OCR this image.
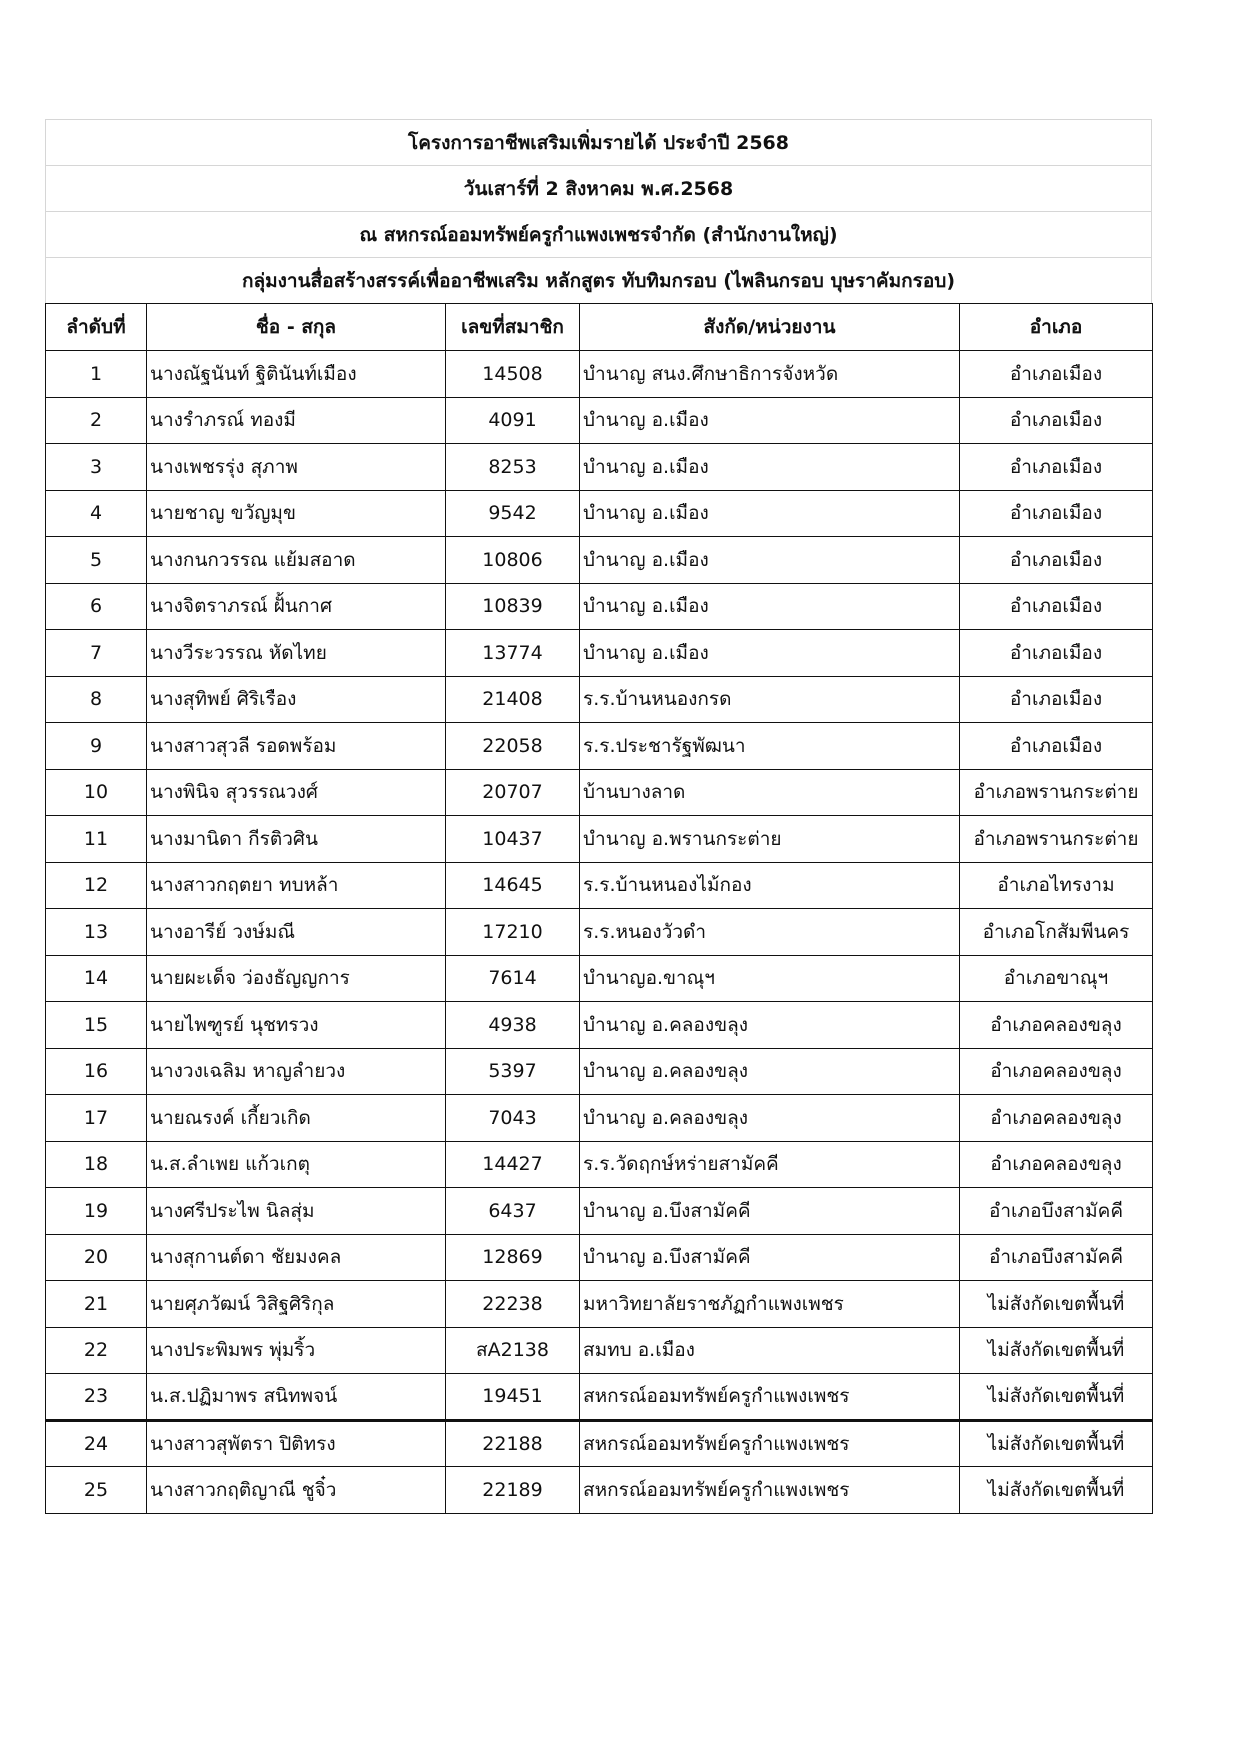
โครงการอาชีพเสริมเพิ่มรายได้ ประจำปี 2568
วันเสาร์ที่ 2 สิงหาคม พ.ศ.2568
ณ สหกรณ์ออมทรัพย์ครูกำแพงเพชรจำกัด (สำนักงานใหญ่)
กลุ่มงานสื่อสร้างสรรค์เพื่ออาชีพเสริม หลักสูตร ทับทิมกรอบ (ไพลินกรอบ บุษราคัมกรอบ)
ลำดับที่	ชื่อ - สกุล	เลขที่สมาชิก	สังกัด/หน่วยงาน	อำเภอ
1	นางณัฐนันท์ ฐิตินันท์เมือง	14508	บำนาญ สนง.ศึกษาธิการจังหวัด	อำเภอเมือง
2	นางรำภรณ์ ทองมี	4091	บำนาญ อ.เมือง	อำเภอเมือง
3	นางเพชรรุ่ง สุภาพ	8253	บำนาญ อ.เมือง	อำเภอเมือง
4	นายชาญ ขวัญมุข	9542	บำนาญ อ.เมือง	อำเภอเมือง
5	นางกนกวรรณ แย้มสอาด	10806	บำนาญ อ.เมือง	อำเภอเมือง
6	นางจิตราภรณ์ ฝั้นกาศ	10839	บำนาญ อ.เมือง	อำเภอเมือง
7	นางวีระวรรณ หัดไทย	13774	บำนาญ อ.เมือง	อำเภอเมือง
8	นางสุทิพย์ ศิริเรือง	21408	ร.ร.บ้านหนองกรด	อำเภอเมือง
9	นางสาวสุวลี รอดพร้อม	22058	ร.ร.ประชารัฐพัฒนา	อำเภอเมือง
10	นางพินิจ สุวรรณวงศ์	20707	บ้านบางลาด	อำเภอพรานกระต่าย
11	นางมานิดา กีรติวศิน	10437	บำนาญ อ.พรานกระต่าย	อำเภอพรานกระต่าย
12	นางสาวกฤตยา ทบหล้า	14645	ร.ร.บ้านหนองไม้กอง	อำเภอไทรงาม
13	นางอารีย์ วงษ์มณี	17210	ร.ร.หนองวัวดำ	อำเภอโกสัมพีนคร
14	นายผะเด็จ ว่องธัญญการ	7614	บำนาญอ.ขาณุฯ	อำเภอขาณุฯ
15	นายไพฑูรย์ นุชทรวง	4938	บำนาญ อ.คลองขลุง	อำเภอคลองขลุง
16	นางวงเฉลิม หาญลำยวง	5397	บำนาญ อ.คลองขลุง	อำเภอคลองขลุง
17	นายณรงค์ เกี้ยวเกิด	7043	บำนาญ อ.คลองขลุง	อำเภอคลองขลุง
18	น.ส.ลำเพย แก้วเกตุ	14427	ร.ร.วัดฤกษ์หร่ายสามัคคี	อำเภอคลองขลุง
19	นางศรีประไพ นิลสุ่ม	6437	บำนาญ อ.บึงสามัคคี	อำเภอบึงสามัคคี
20	นางสุกานต์ดา ชัยมงคล	12869	บำนาญ อ.บึงสามัคคี	อำเภอบึงสามัคคี
21	นายศุภวัฒน์ วิสิฐศิริกุล	22238	มหาวิทยาลัยราชภัฏกำแพงเพชร	ไม่สังกัดเขตพื้นที่
22	นางประพิมพร พุ่มริ้ว	สA2138	สมทบ อ.เมือง	ไม่สังกัดเขตพื้นที่
23	น.ส.ปฏิมาพร สนิทพจน์	19451	สหกรณ์ออมทรัพย์ครูกำแพงเพชร	ไม่สังกัดเขตพื้นที่
24	นางสาวสุพัตรา ปิติทรง	22188	สหกรณ์ออมทรัพย์ครูกำแพงเพชร	ไม่สังกัดเขตพื้นที่
25	นางสาวกฤติญาณี ชูจิ๋ว	22189	สหกรณ์ออมทรัพย์ครูกำแพงเพชร	ไม่สังกัดเขตพื้นที่
